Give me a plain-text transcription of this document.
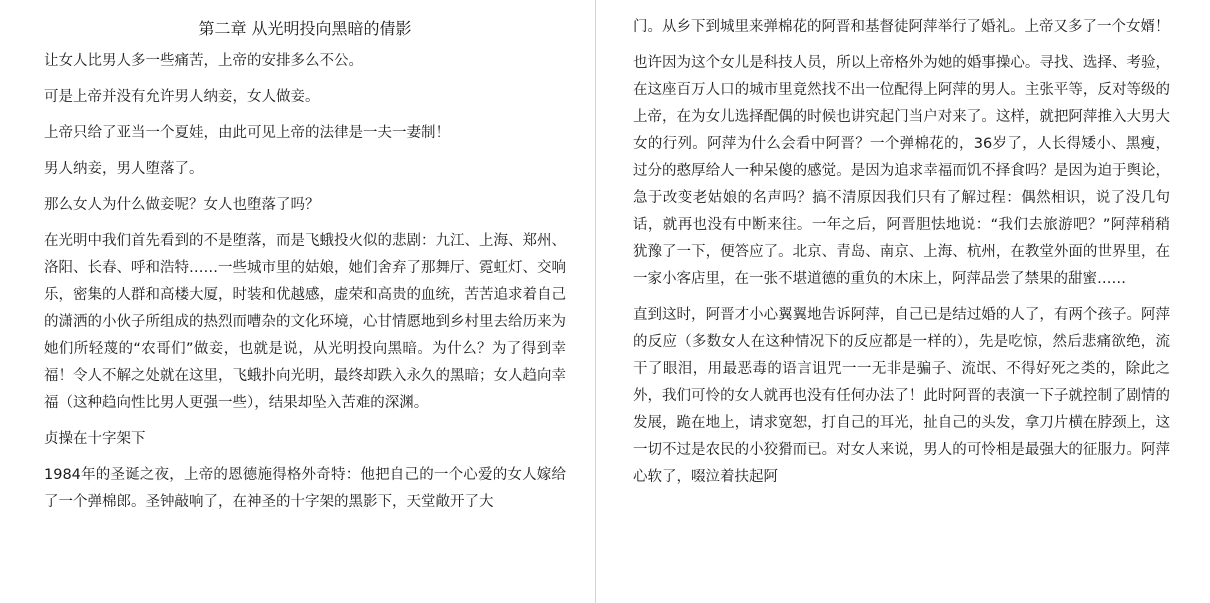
第二章 从光明投向黑暗的倩影

让女人比男人多一些痛苦，上帝的安排多么不公。

可是上帝并没有允许男人纳妾，女人做妾。

上帝只给了亚当一个夏娃，由此可见上帝的法律是一夫一妻制！

男人纳妾，男人堕落了。

那么女人为什么做妾呢？女人也堕落了吗？

在光明中我们首先看到的不是堕落，而是飞蛾投火似的悲剧：九江、上海、郑州、洛阳、长春、呼和浩特……一些城市里的姑娘，她们舍弃了那舞厅、霓虹灯、交响乐，密集的人群和高楼大厦，时装和优越感，虚荣和高贵的血统，苦苦追求着自己的潇洒的小伙子所组成的热烈而嘈杂的文化环境，心甘情愿地到乡村里去给历来为她们所轻蔑的“农哥们”做妾，也就是说，从光明投向黑暗。为什么？为了得到幸福！令人不解之处就在这里，飞蛾扑向光明，最终却跌入永久的黑暗；女人趋向幸福（这种趋向性比男人更强一些），结果却坠入苦难的深渊。

贞操在十字架下

1984年的圣诞之夜，上帝的恩德施得格外奇特：他把自己的一个心爱的女人嫁给了一个弹棉郎。圣钟敲响了，在神圣的十字架的黑影下，天堂敞开了大

门。从乡下到城里来弹棉花的阿晋和基督徒阿萍举行了婚礼。上帝又多了一个女婿！

也许因为这个女儿是科技人员，所以上帝格外为她的婚事操心。寻找、选择、考验，在这座百万人口的城市里竟然找不出一位配得上阿萍的男人。主张平等，反对等级的上帝，在为女儿选择配偶的时候也讲究起门当户对来了。这样，就把阿萍推入大男大女的行列。阿萍为什么会看中阿晋？一个弹棉花的，36岁了，人长得矮小、黑瘦，过分的憨厚给人一种呆傻的感觉。是因为追求幸福而饥不择食吗？是因为迫于舆论，急于改变老姑娘的名声吗？搞不清原因我们只有了解过程：偶然相识，说了没几句话，就再也没有中断来往。一年之后，阿晋胆怯地说：“我们去旅游吧？”阿萍稍稍犹豫了一下，便答应了。北京、青岛、南京、上海、杭州，在教堂外面的世界里，在一家小客店里，在一张不堪道德的重负的木床上，阿萍品尝了禁果的甜蜜……

直到这时，阿晋才小心翼翼地告诉阿萍，自己已是结过婚的人了，有两个孩子。阿萍的反应（多数女人在这种情况下的反应都是一样的），先是吃惊，然后悲痛欲绝，流干了眼泪，用最恶毒的语言诅咒一一无非是骗子、流氓、不得好死之类的，除此之外，我们可怜的女人就再也没有任何办法了！此时阿晋的表演一下子就控制了剧情的发展，跪在地上，请求宽恕，打自己的耳光，扯自己的头发，拿刀片横在脖颈上，这一切不过是农民的小狡猾而已。对女人来说，男人的可怜相是最强大的征服力。阿萍心软了，啜泣着扶起阿
